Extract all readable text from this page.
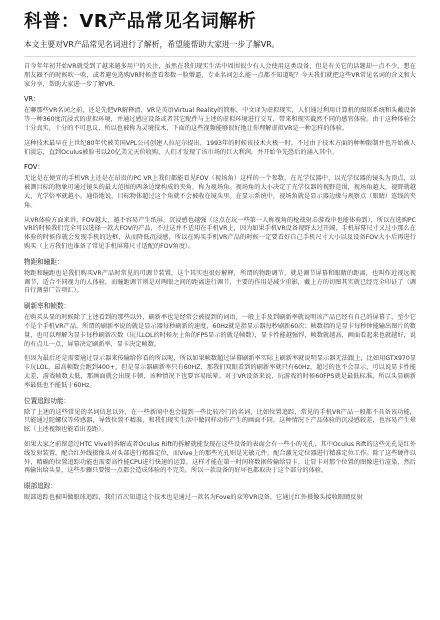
科普：VR产品常见名词解析
本文主要对VR产品常见名词进行了解析，希望能帮助大家进一步了解VR。

自今年年初开始VR就受到了越来越多用户的关注，虽然在我们现实生活中周围很少有人会使用这类设备，但是有关它的话题却一点不少，想在朋友圈不的时候吹一吹，或者避免选购VR时候查看参数一脸懵逼，专业名词怎么能一点都不知道呢？今天我们就把这些VR常见名词的含义和大家分享，帮助大家进一步了解VR。

VR：

在聊那些VR名词之前，还是先把VR解释清，VR是英语Virtual Reality的简称，中文译为虚拟现实，人们通过利用计算机的图形系统和头戴设备等一种360度沉浸式的虚拟环境，并通过感应设备或者其它配件与上述的虚拟环境进行交互，带来和现实截然不同的感官体验。由于这种体验会十分真实，十分的不可思议，所以也被称为灵境技术，下面的这些视频能够很好地让你理解虚拟VR是一种怎样的体验。

这种技术最早在上世纪80年代被美国VPL公司创建人拉尼尔提出，1993年的时候该技术火极一时，不过由于技术方面的种种限制并也开始被人们淡忘，直到Oculus被脸书以20亿美元天价收购，人们才发现了该市场的巨大利润，并开始争先恐后的涌入其中。

FOV：

无论是在便宜的手机VR上还是在昂贵的PC VR上我们都能看见FOV（视场角）这样的一个参数，在光学仪器中，以光学仪器的镜头为顶点，以被测目标的物象可通过镜头的最大范围的两条边缘构成的夹角，称为视场角。视场角的大小决定了光学仪器的视野范围，视场角越大，视野就越大，光学倍率就越小。通俗地说，目标物体超过这个角就不会被收在镜头里。在显示系统中，视场角就是显示器边缘与观察点（眼睛）连线的夹角。

从VR体验方面来讲，FOV越大，越不容易产生纸屏，沉浸感也越强（这点在玩一些第一人称视角的枪战射击游戏中也能体验到），所以在选购PC VR的时候我们完全可以选择一款大FOV的产品，不过这并不适用在手机VR上，因为如果手机VR设备视野太过开阔，手机屏幕尺寸又过小那么在体验的时候你就会发现手机的边框，从而降低沉浸感，所以在购买手机VR产品的时候一定要看好自己手机尺寸大小以及设备FOV大小后再进行购买（上方我们也谁备了常见手机屏幕尺寸适配的FOV角度）。

物距和瞳距：

物距和瞳距也是我们购买VR产品时常见的可调节装置，这个其实也很好解释，所谓的物距调节，就是调节屏幕和眼睛的距离，也叫作近视远视调节，适合不同视力的人体验，而瞳距调节则是对两眼之间的距离进行调节，主要的作用是减少重影，戴上方的切图其实就已经完全印证了（调自行测量广告项汇）。

刷新率和帧数：

在购买头显的时候除了上述看到的那些以外，刷新率也是经常会被提到的词语，一般上手及到刷新率就说明该产品已经有自己的屏幕了，至少它不是个手机VR产品，所谓的刷新率说的就是显示器每秒刷新的速度，60Hz就是指显示器每秒刷新60次；帧数指的是显卡每秒钟能输出图片的数量，也可以理解为显卡每秒刷新次数（玩儿LOL的时候左上角的FPS显示的就是帧数），显卡性能越强悍，帧数就越高，画面看起来也就越好，说的有点儿一点，屏幕决定刷新率，显卡决定帧数。

但因为最后还是需要通过显示器来传输给你看的所以呢，所以如果帧数超过屏幕刷新率实际上刷新率就说明显示器无法跟上，比如用GTX970显卡玩LOL，最高帧数会跑到400+，但是显示器刷新率只有60HZ，那我们双眼看到的刷新率就只有60Hz，超过的也不会显示，可以说显卡性能太差，游戏帧数太低，那画面就会出现卡顿，该种情况下也要容易眩晕。对于VR设备来说，玩游戏的时候60FPS就是最低标准，所以头显刷新率最低也不能低于60Hz。

位置追踪功能：

除了上述的这些常见的名词信息以外，在一些新闻中也会提到一些比较冷门的名词，比如位置追踪，常见的手机VR产品一般都不具备该功能，只能通过陀螺仪等传感器，导致位置不精准，和我们现实生活中做同样动作产生的画面不同，这种情况下产品体验的沉浸感较差，也容易产生晕眩（上述视频也能看出差距）。

如果大家之前留意过HTC Vive的拆解或者Oculus Rift的拆解就能发现在这些设备的表面会有一些小的光孔，其中Oculus Rift的这些光孔是红外线发射装置，配合红外线摄像头对头部进行精准定位，而Vive上的那些光孔则是光敏元件，配合激光定位器进行精准定位工作。除了这些硬件以外，精确的位置追踪功能也需要高性能CPU进行快速的运算，这样才能在第一时间将数据传输给显卡，让显卡对那个位置的图像进行渲染，然后再输出给头显，这些步骤只要慢一点都会造成体验的不完美，所以一款设备的好坏也都取决于这个部分的体验。

眼部追踪：

眼部追踪也被叫做眼球追踪，我们首次知道这个技术也是通过一款名为Fove的众筹VR设备，它通过红外摄像头接收眼睛反射
